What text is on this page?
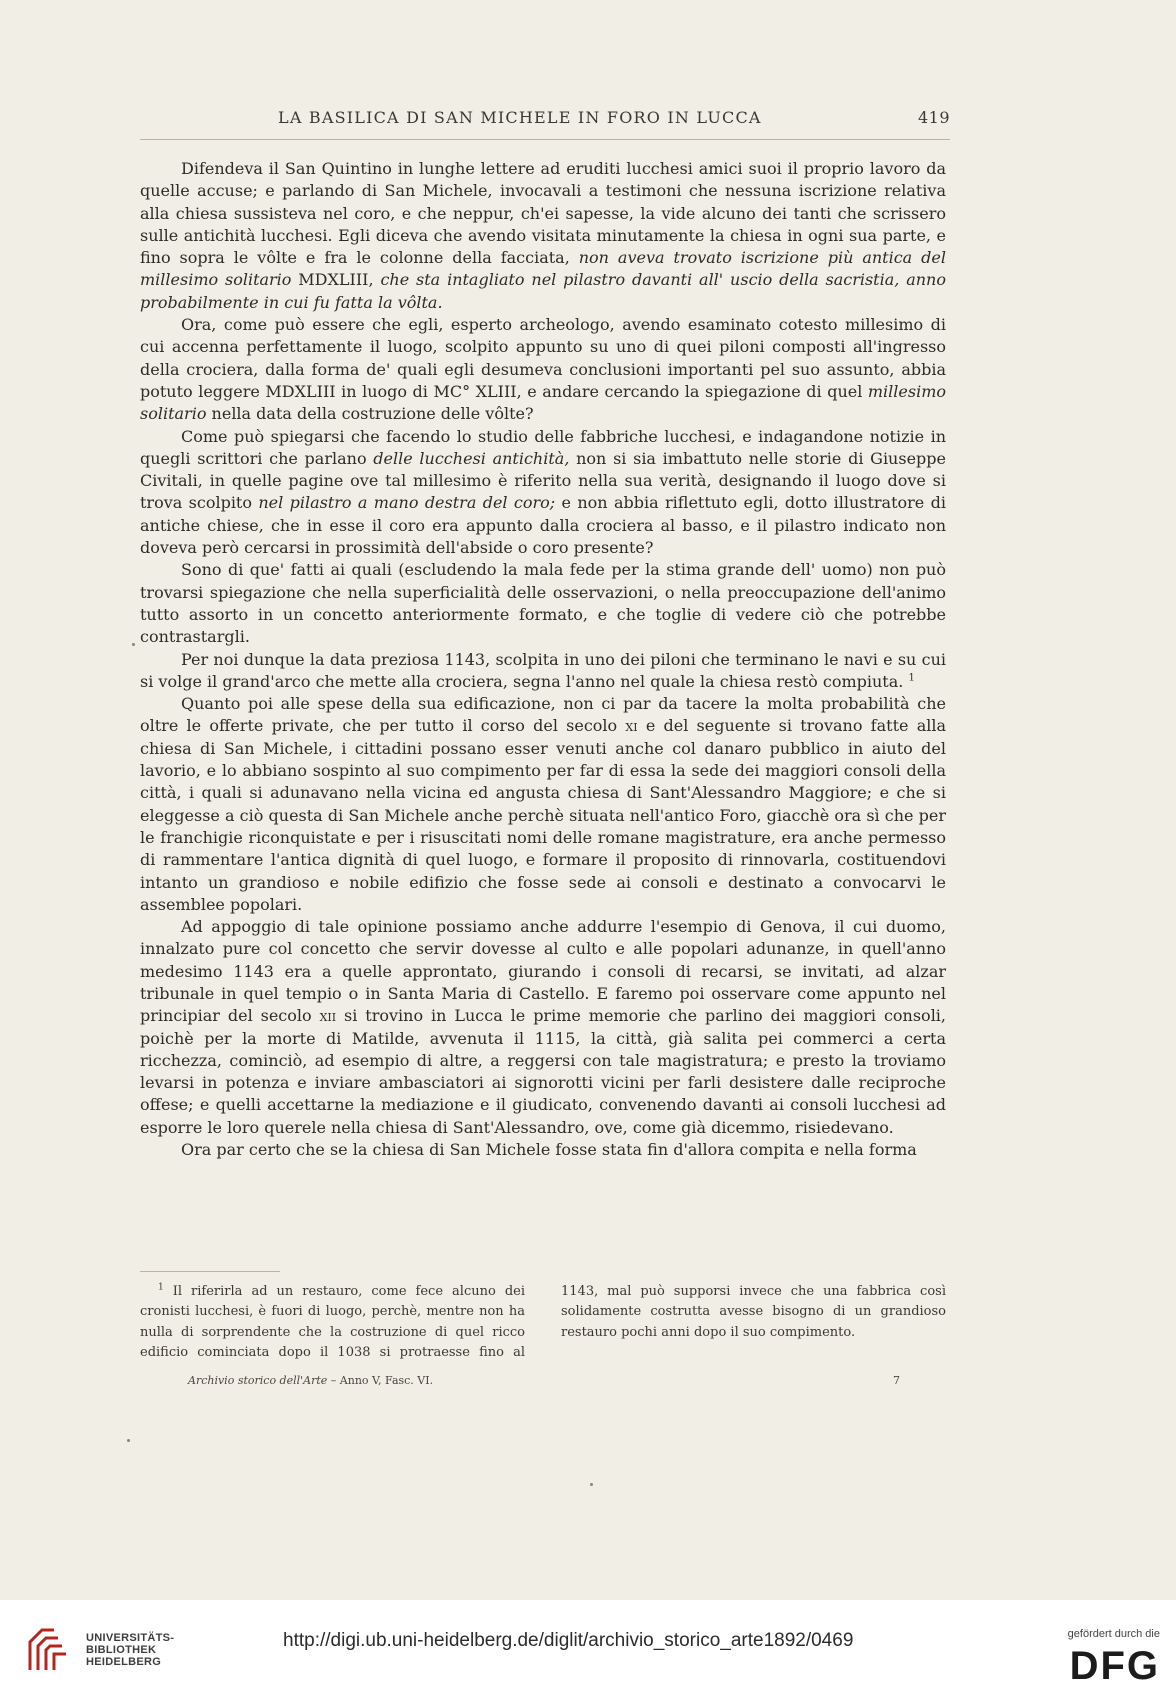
LA BASILICA DI SAN MICHELE IN FORO IN LUCCA	419

Difendeva il San Quintino in lunghe lettere ad eruditi lucchesi amici suoi il proprio lavoro da quelle accuse; e parlando di San Michele, invocavali a testimoni che nessuna iscrizione relativa alla chiesa sussisteva nel coro, e che neppur, ch'ei sapesse, la vide alcuno dei tanti che scrissero sulle antichità lucchesi. Egli diceva che avendo visitata minutamente la chiesa in ogni sua parte, e fino sopra le vôlte e fra le colonne della facciata, non aveva trovato iscrizione più antica del millesimo solitario MDXLIII, che sta intagliato nel pilastro davanti all' uscio della sacristia, anno probabilmente in cui fu fatta la vôlta.

Ora, come può essere che egli, esperto archeologo, avendo esaminato cotesto millesimo di cui accenna perfettamente il luogo, scolpito appunto su uno di quei piloni composti all'ingresso della crociera, dalla forma de' quali egli desumeva conclusioni importanti pel suo assunto, abbia potuto leggere MDXLIII in luogo di MC° XLIII, e andare cercando la spiegazione di quel millesimo solitario nella data della costruzione delle vôlte?

Come può spiegarsi che facendo lo studio delle fabbriche lucchesi, e indagandone notizie in quegli scrittori che parlano delle lucchesi antichità, non si sia imbattuto nelle storie di Giuseppe Civitali, in quelle pagine ove tal millesimo è riferito nella sua verità, designando il luogo dove si trova scolpito nel pilastro a mano destra del coro; e non abbia riflettuto egli, dotto illustratore di antiche chiese, che in esse il coro era appunto dalla crociera al basso, e il pilastro indicato non doveva però cercarsi in prossimità dell'abside o coro presente?

Sono di que' fatti ai quali (escludendo la mala fede per la stima grande dell' uomo) non può trovarsi spiegazione che nella superficialità delle osservazioni, o nella preoccupazione dell'animo tutto assorto in un concetto anteriormente formato, e che toglie di vedere ciò che potrebbe contrastargli.

Per noi dunque la data preziosa 1143, scolpita in uno dei piloni che terminano le navi e su cui si volge il grand'arco che mette alla crociera, segna l'anno nel quale la chiesa restò compiuta. $^1$

Quanto poi alle spese della sua edificazione, non ci par da tacere la molta probabilità che oltre le offerte private, che per tutto il corso del secolo xi e del seguente si trovano fatte alla chiesa di San Michele, i cittadini possano esser venuti anche col danaro pubblico in aiuto del lavorio, e lo abbiano sospinto al suo compimento per far di essa la sede dei maggiori consoli della città, i quali si adunavano nella vicina ed angusta chiesa di Sant'Alessandro Maggiore; e che si eleggesse a ciò questa di San Michele anche perchè situata nell'antico Foro, giacchè ora sì che per le franchigie riconquistate e per i risuscitati nomi delle romane magistrature, era anche permesso di rammentare l'antica dignità di quel luogo, e formare il proposito di rinnovarla, costituendovi intanto un grandioso e nobile edifizio che fosse sede ai consoli e destinato a convocarvi le assemblee popolari.

Ad appoggio di tale opinione possiamo anche addurre l'esempio di Genova, il cui duomo, innalzato pure col concetto che servir dovesse al culto e alle popolari adunanze, in quell'anno medesimo 1143 era a quelle approntato, giurando i consoli di recarsi, se invitati, ad alzar tribunale in quel tempio o in Santa Maria di Castello. E faremo poi osservare come appunto nel principiar del secolo xii si trovino in Lucca le prime memorie che parlino dei maggiori consoli, poichè per la morte di Matilde, avvenuta il 1115, la città, già salita pei commerci a certa ricchezza, cominciò, ad esempio di altre, a reggersi con tale magistratura; e presto la troviamo levarsi in potenza e inviare ambasciatori ai signorotti vicini per farli desistere dalle reciproche offese; e quelli accettarne la mediazione e il giudicato, convenendo davanti ai consoli lucchesi ad esporre le loro querele nella chiesa di Sant'Alessandro, ove, come già dicemmo, risiedevano.

Ora par certo che se la chiesa di San Michele fosse stata fin d'allora compita e nella forma

$^1$ Il riferirla ad un restauro, come fece alcuno dei cronisti lucchesi, è fuori di luogo, perchè, mentre non ha nulla di sorprendente che la costruzione di quel ricco edificio cominciata dopo il 1038 si protraesse fino al 1143, mal può supporsi invece che una fabbrica così solidamente costrutta avesse bisogno di un grandioso restauro pochi anni dopo il suo compimento.

Archivio storico dell'Arte – Anno V, Fasc. VI.	7
UNIVERSITÄTS-
BIBLIOTHEK
HEIDELBERG
http://digi.ub.uni-heidelberg.de/diglit/archivio_storico_arte1892/0469	gefördert durch die
DFG
